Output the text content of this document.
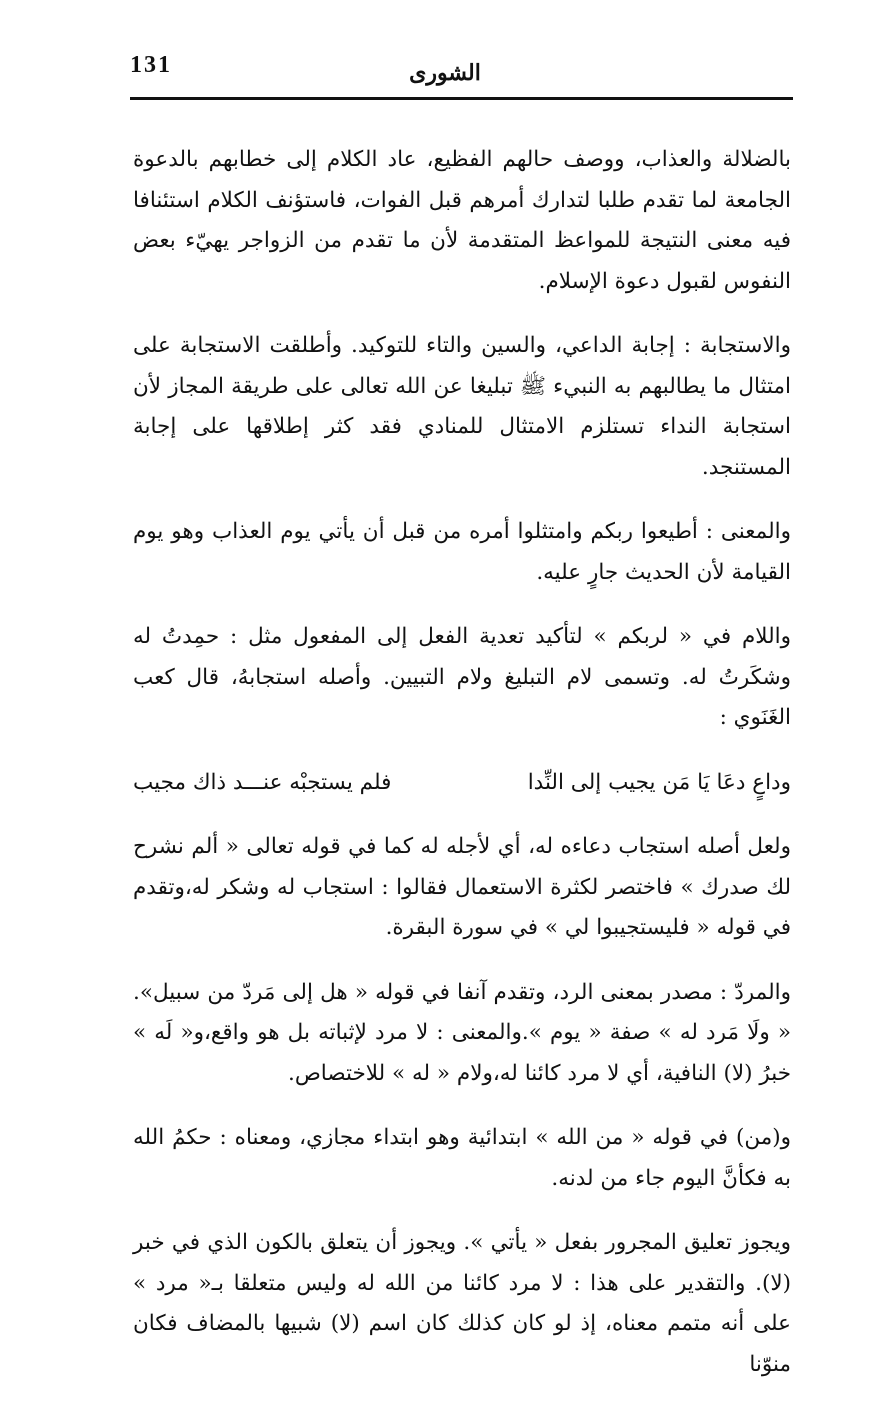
131	الشورى

بالضلالة والعذاب، ووصف حالهم الفظيع، عاد الكلام إلى خطابهم بالدعوة الجامعة لما تقدم طلبا لتدارك أمرهم قبل الفوات، فاستؤنف الكلام استئنافا فيه معنى النتيجة للمواعظ المتقدمة لأن ما تقدم من الزواجر يهيّء بعض النفوس لقبول دعوة الإسلام.

والاستجابة : إجابة الداعي، والسين والتاء للتوكيد. وأطلقت الاستجابة على امتثال ما يطالبهم به النبيء ﷺ تبليغا عن الله تعالى على طريقة المجاز لأن استجابة النداء تستلزم الامتثال للمنادي فقد كثر إطلاقها على إجابة المستنجد.

والمعنى : أطيعوا ربكم وامتثلوا أمره من قبل أن يأتي يوم العذاب وهو يوم القيامة لأن الحديث جارٍ عليه.

واللام في « لربكم » لتأكيد تعدية الفعل إلى المفعول مثل : حمِدتُ له وشكَرتُ له. وتسمى لام التبليغ ولام التبيين. وأصله استجابهُ، قال كعب الغَنَوي :

وداعٍ دعَا يَا مَن يجيب إلى النِّدا
فلم يستجبْه عنـــد ذاك مجيب

ولعل أصله استجاب دعاءه له، أي لأجله له كما في قوله تعالى « ألم نشرح لك صدرك » فاختصر لكثرة الاستعمال فقالوا : استجاب له وشكر له،وتقدم في قوله « فليستجيبوا لي » في سورة البقرة.

والمردّ : مصدر بمعنى الرد، وتقدم آنفا في قوله « هل إلى مَردّ من سبيل». « ولَا مَرد له » صفة « يوم ».والمعنى : لا مرد لإثباته بل هو واقع،و« لَه » خبرُ (لا) النافية، أي لا مرد كائنا له،ولام « له » للاختصاص.

و(من) في قوله « من الله » ابتدائية وهو ابتداء مجازي، ومعناه : حكمُ الله به فكأنَّ اليوم جاء من لدنه.

ويجوز تعليق المجرور بفعل « يأتي ». ويجوز أن يتعلق بالكون الذي في خبر (لا). والتقدير على هذا : لا مرد كائنا من الله له وليس متعلقا بـ« مرد » على أنه متمم معناه، إذ لو كان كذلك كان اسم (لا) شبيها بالمضاف فكان منوّنا
